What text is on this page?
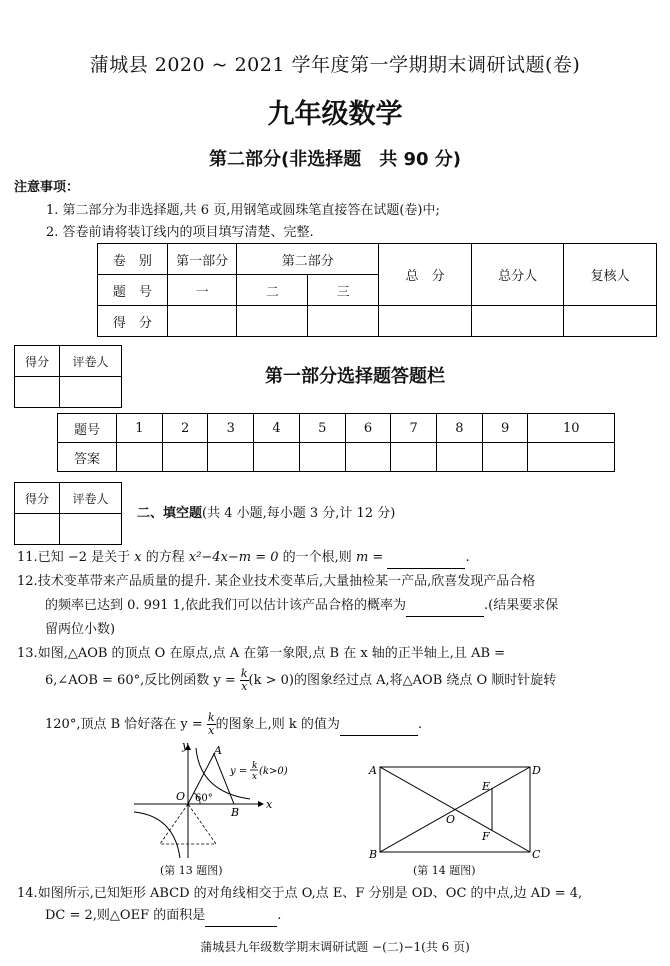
蒲城县 2020 ~ 2021 学年度第一学期期末调研试题(卷)
九年级数学
第二部分(非选择题　共 90 分)
注意事项：
1. 第二部分为非选择题,共 6 页,用钢笔或圆珠笔直接答在试题(卷)中;
2. 答卷前请将装订线内的项目填写清楚、完整.
卷　别	第一部分	第二部分		总　分	总分人	复核人
题　号	一	二	三			
得　分						
得分	评卷人

第一部分选择题答题栏
题号	1	2	3	4	5	6	7	8	9	10
答案										
得分	评卷人

二、填空题(共 4 小题,每小题 3 分,计 12 分)
11.已知 −2 是关于 x 的方程 x²−4x−m = 0 的一个根,则 m =	.
12.技术变革带来产品质量的提升. 某企业技术变革后,大量抽检某一产品,欣喜发现产品合格
的频率已达到 0. 991 1,依此我们可以估计该产品合格的概率为	.(结果要求保
留两位小数)
13.如图,△AOB 的顶点 O 在原点,点 A 在第一象限,点 B 在 x 轴的正半轴上,且 AB =
6,∠AOB = 60°,反比例函数 $y = \frac{k}{x} (k > 0)$的图象经过点 A,将△AOB 绕点 O 顺时针旋转
120°,顶点 B 恰好落在 $y = \frac{k}{x}$ 的图象上,则 k 的值为	.
y
x
O
A
B
60°
y = k
x (k>0)
(第 13 题图)
A	D
B	C
E
F
O
(第 14 题图)
14.如图所示,已知矩形 ABCD 的对角线相交于点 O,点 E、F 分别是 OD、OC 的中点,边 AD = 4,
DC = 2,则△OEF 的面积是	.
蒲城县九年级数学期末调研试题 −(二)−1(共 6 页)
